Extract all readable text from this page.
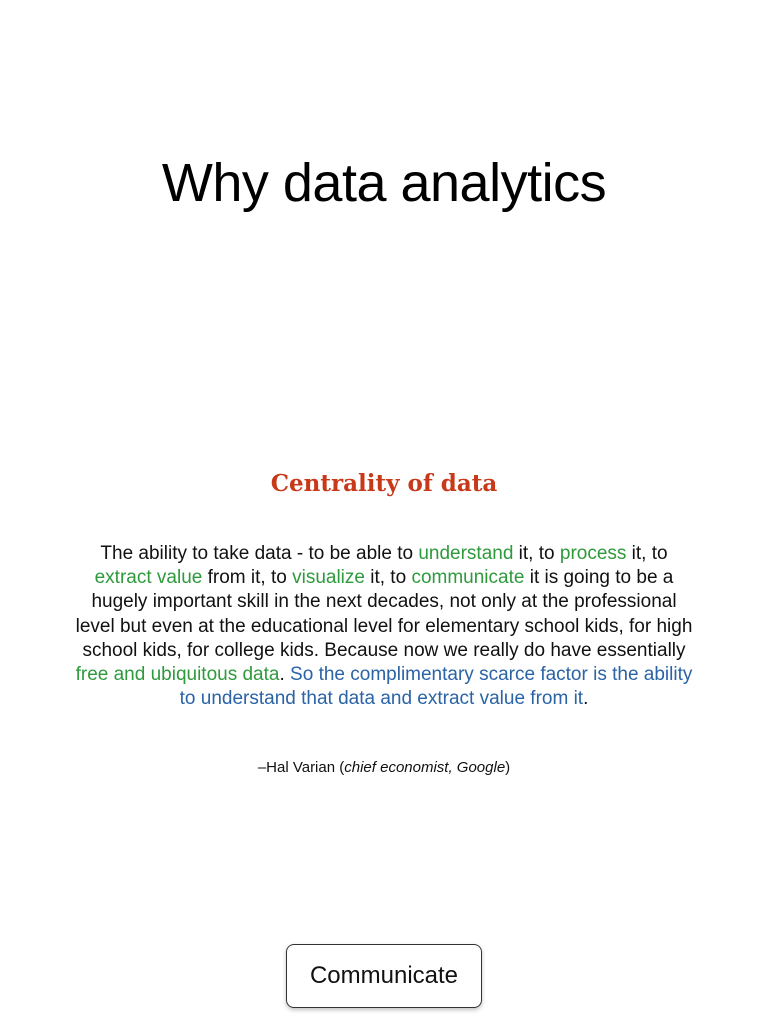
Why data analytics
Centrality of data

The ability to take data - to be able to understand it, to process it, to extract value from it, to visualize it, to communicate it is going to be a hugely important skill in the next decades, not only at the professional level but even at the educational level for elementary school kids, for high school kids, for college kids. Because now we really do have essentially free and ubiquitous data. So the complimentary scarce factor is the ability to understand that data and extract value from it.

–Hal Varian (chief economist, Google)
Communicate
